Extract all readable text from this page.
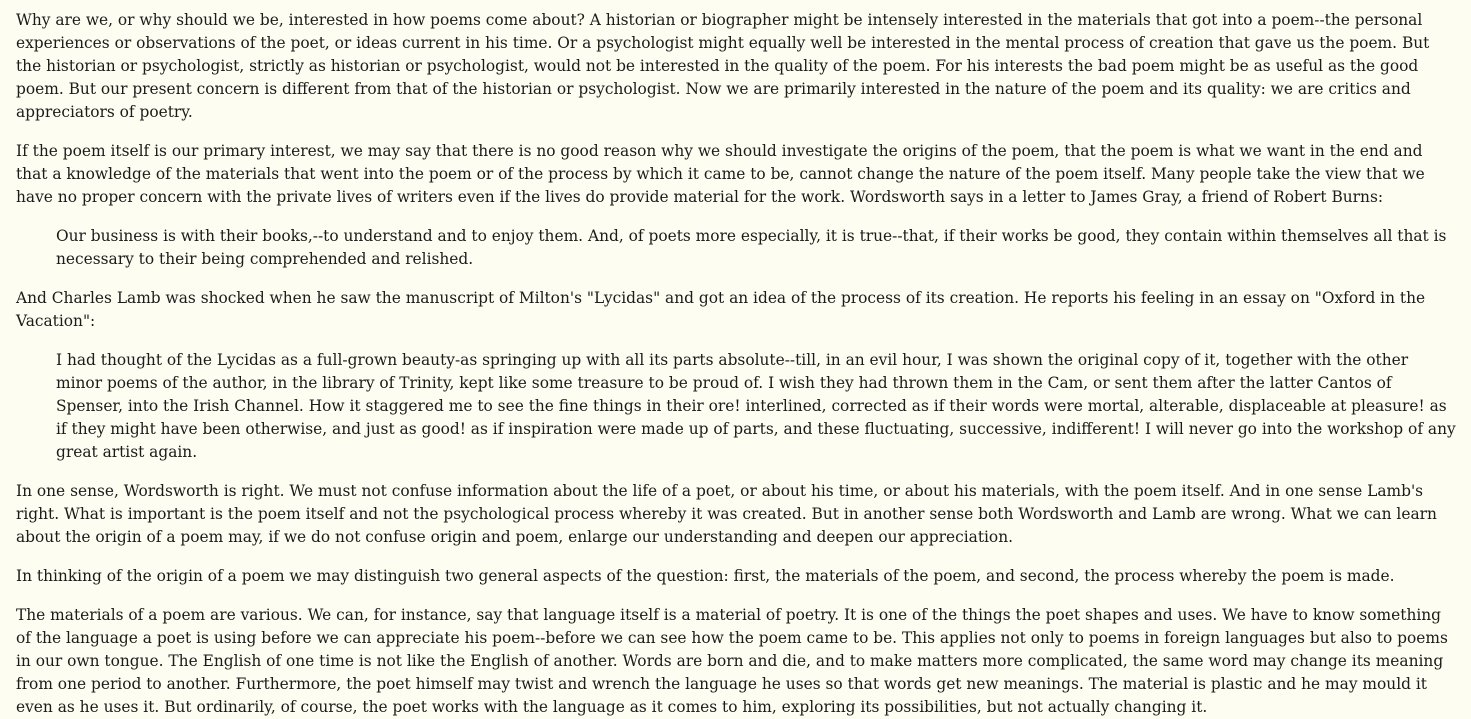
Why are we, or why should we be, interested in how poems come about? A historian or biographer might be intensely interested in the materials that got into a poem--the personal experiences or observations of the poet, or ideas current in his time. Or a psychologist might equally well be interested in the mental process of creation that gave us the poem. But the historian or psychologist, strictly as historian or psychologist, would not be interested in the quality of the poem. For his interests the bad poem might be as useful as the good poem. But our present concern is different from that of the historian or psychologist. Now we are primarily interested in the nature of the poem and its quality: we are critics and appreciators of poetry.

If the poem itself is our primary interest, we may say that there is no good reason why we should investigate the origins of the poem, that the poem is what we want in the end and that a knowledge of the materials that went into the poem or of the process by which it came to be, cannot change the nature of the poem itself. Many people take the view that we have no proper concern with the private lives of writers even if the lives do provide material for the work. Wordsworth says in a letter to James Gray, a friend of Robert Burns:

Our business is with their books,--to understand and to enjoy them. And, of poets more especially, it is true--that, if their works be good, they contain within themselves all that is necessary to their being comprehended and relished.

And Charles Lamb was shocked when he saw the manuscript of Milton's "Lycidas" and got an idea of the process of its creation. He reports his feeling in an essay on "Oxford in the Vacation":

I had thought of the Lycidas as a full-grown beauty-as springing up with all its parts absolute--till, in an evil hour, I was shown the original copy of it, together with the other minor poems of the author, in the library of Trinity, kept like some treasure to be proud of. I wish they had thrown them in the Cam, or sent them after the latter Cantos of Spenser, into the Irish Channel. How it staggered me to see the fine things in their ore! interlined, corrected as if their words were mortal, alterable, displaceable at pleasure! as if they might have been otherwise, and just as good! as if inspiration were made up of parts, and these fluctuating, successive, indifferent! I will never go into the workshop of any great artist again.

In one sense, Wordsworth is right. We must not confuse information about the life of a poet, or about his time, or about his materials, with the poem itself. And in one sense Lamb's right. What is important is the poem itself and not the psychological process whereby it was created. But in another sense both Wordsworth and Lamb are wrong. What we can learn about the origin of a poem may, if we do not confuse origin and poem, enlarge our understanding and deepen our appreciation.

In thinking of the origin of a poem we may distinguish two general aspects of the question: first, the materials of the poem, and second, the process whereby the poem is made.

The materials of a poem are various. We can, for instance, say that language itself is a material of poetry. It is one of the things the poet shapes and uses. We have to know something of the language a poet is using before we can appreciate his poem--before we can see how the poem came to be. This applies not only to poems in foreign languages but also to poems in our own tongue. The English of one time is not like the English of another. Words are born and die, and to make matters more complicated, the same word may change its meaning from one period to another. Furthermore, the poet himself may twist and wrench the language he uses so that words get new meanings. The material is plastic and he may mould it even as he uses it. But ordinarily, of course, the poet works with the language as it comes to him, exploring its possibilities, but not actually changing it.
